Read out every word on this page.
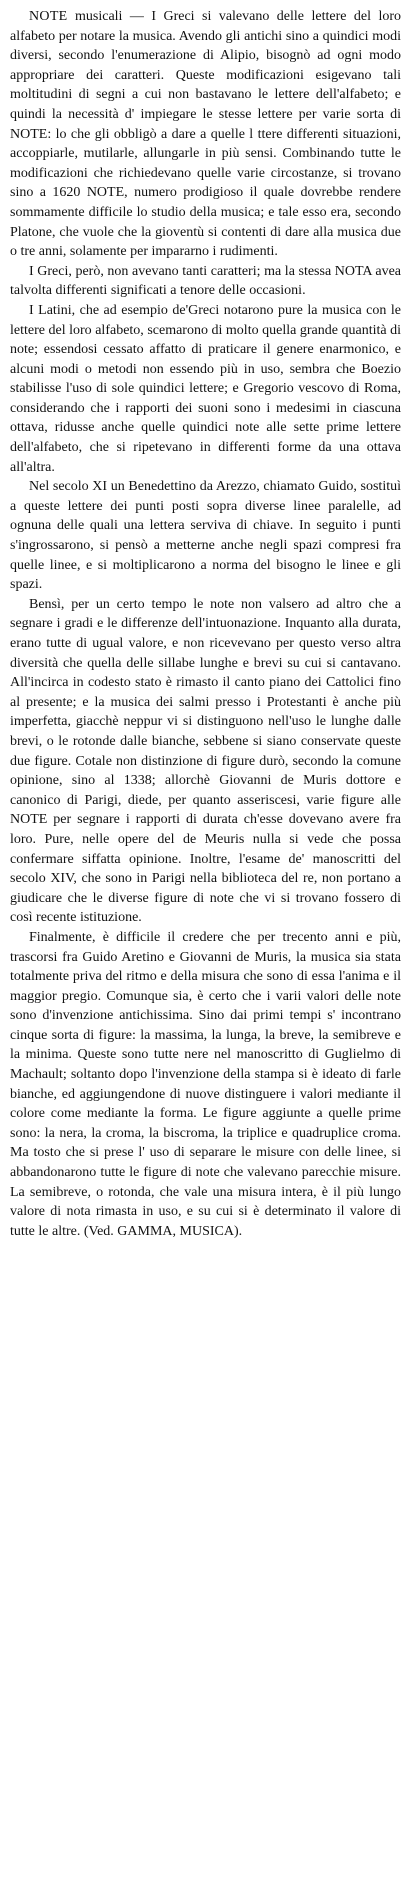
NOTE musicali — I Greci si valevano delle lettere del loro alfabeto per notare la musica. Avendo gli antichi sino a quindici modi diversi, secondo l'enumerazione di Alipio, bisognò ad ogni modo appropriare dei caratteri. Queste modificazioni esigevano tali moltitudini di segni a cui non bastavano le lettere dell'alfabeto; e quindi la necessità d' impiegare le stesse lettere per varie sorta di NOTE: lo che gli obbligò a dare a quelle l ttere differenti situazioni, accoppiarle, mutilarle, allungarle in più sensi. Combinando tutte le modificazioni che richiedevano quelle varie circostanze, si trovano sino a 1620 NOTE, numero prodigioso il quale dovrebbe rendere sommamente difficile lo studio della musica; e tale esso era, secondo Platone, che vuole che la gioventù si contenti di dare alla musica due o tre anni, solamente per impararno i rudimenti.

I Greci, però, non avevano tanti caratteri; ma la stessa NOTA avea talvolta differenti significati a tenore delle occasioni.

I Latini, che ad esempio de'Greci notarono pure la musica con le lettere del loro alfabeto, scemarono di molto quella grande quantità di note; essendosi cessato affatto di praticare il genere enarmonico, e alcuni modi o metodi non essendo più in uso, sembra che Boezio stabilisse l'uso di sole quindici lettere; e Gregorio vescovo di Roma, considerando che i rapporti dei suoni sono i medesimi in ciascuna ottava, ridusse anche quelle quindici note alle sette prime lettere dell'alfabeto, che si ripetevano in differenti forme da una ottava all'altra.

Nel secolo XI un Benedettino da Arezzo, chiamato Guido, sostituì a queste lettere dei punti posti sopra diverse linee paralelle, ad ognuna delle quali una lettera serviva di chiave. In seguito i punti s'ingrossarono, si pensò a metterne anche negli spazi compresi fra quelle linee, e si moltiplicarono a norma del bisogno le linee e gli spazi.

Bensì, per un certo tempo le note non valsero ad altro che a segnare i gradi e le differenze dell'intuonazione. Inquanto alla durata, erano tutte di ugual valore, e non ricevevano per questo verso altra diversità che quella delle sillabe lunghe e brevi su cui si cantavano. All'incirca in codesto stato è rimasto il canto piano dei Cattolici fino al presente; e la musica dei salmi presso i Protestanti è anche più imperfetta, giacchè neppur vi si distinguono nell'uso le lunghe dalle brevi, o le rotonde dalle bianche, sebbene si siano conservate queste due figure. Cotale non distinzione di figure durò, secondo la comune opinione, sino al 1338; allorchè Giovanni de Muris dottore e canonico di Parigi, diede, per quanto asseriscesi, varie figure alle NOTE per segnare i rapporti di durata ch'esse dovevano avere fra loro. Pure, nelle opere del de Meuris nulla si vede che possa confermare siffatta opinione. Inoltre, l'esame de' manoscritti del secolo XIV, che sono in Parigi nella biblioteca del re, non portano a giudicare che le diverse figure di note che vi si trovano fossero di così recente istituzione.

Finalmente, è difficile il credere che per trecento anni e più, trascorsi fra Guido Aretino e Giovanni de Muris, la musica sia stata totalmente priva del ritmo e della misura che sono di essa l'anima e il maggior pregio. Comunque sia, è certo che i varii valori delle note sono d'invenzione antichissima. Sino dai primi tempi s' incontrano cinque sorta di figure: la massima, la lunga, la breve, la semibreve e la minima. Queste sono tutte nere nel manoscritto di Guglielmo di Machault; soltanto dopo l'invenzione della stampa si è ideato di farle bianche, ed aggiungendone di nuove distinguere i valori mediante il colore come mediante la forma. Le figure aggiunte a quelle prime sono: la nera, la croma, la biscroma, la triplice e quadruplice croma. Ma tosto che si prese l' uso di separare le misure con delle linee, si abbandonarono tutte le figure di note che valevano parecchie misure. La semibreve, o rotonda, che vale una misura intera, è il più lungo valore di nota rimasta in uso, e su cui si è determinato il valore di tutte le altre. (Ved. GAMMA, MUSICA).
